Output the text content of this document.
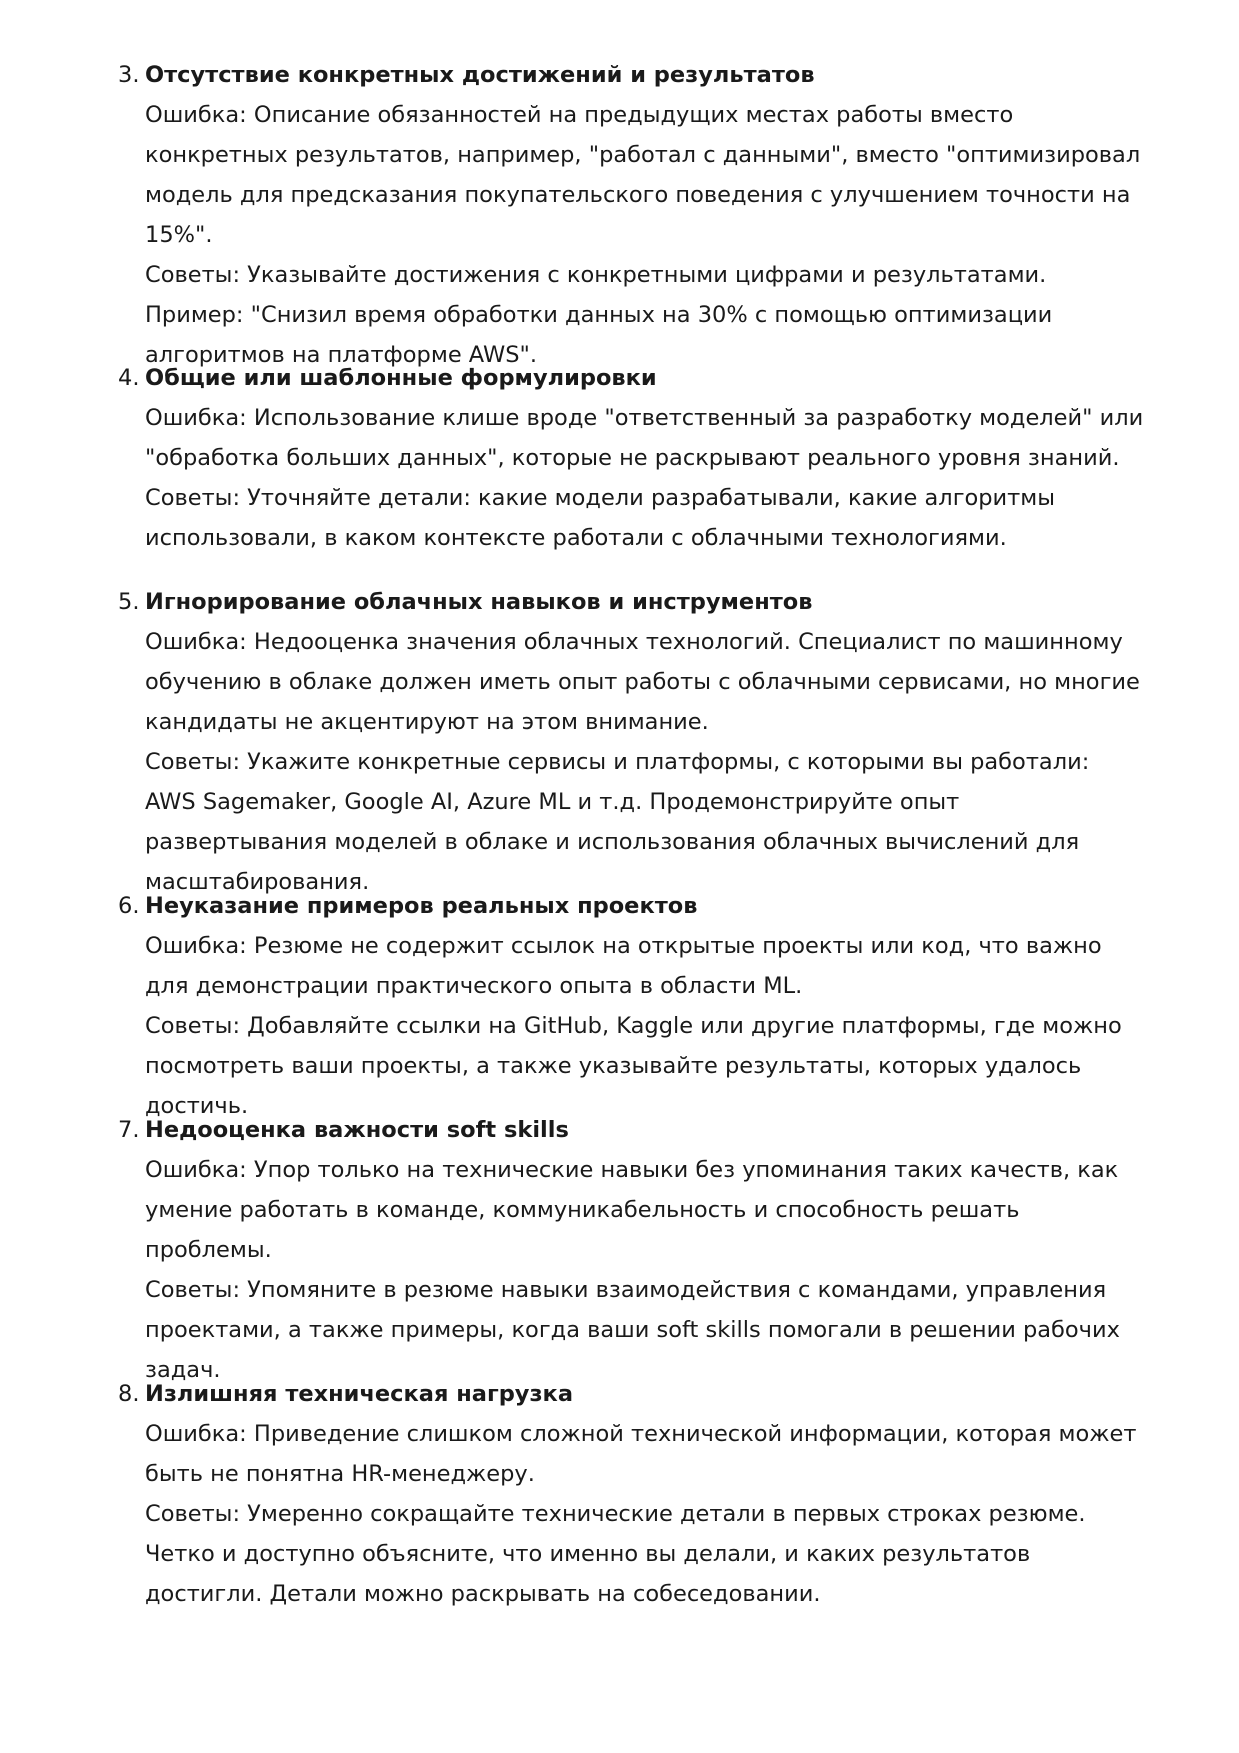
3. Отсутствие конкретных достижений и результатов

Ошибка: Описание обязанностей на предыдущих местах работы вместо конкретных результатов, например, "работал с данными", вместо "оптимизировал модель для предсказания покупательского поведения с улучшением точности на 15%".

Советы: Указывайте достижения с конкретными цифрами и результатами. Пример: "Снизил время обработки данных на 30% с помощью оптимизации алгоритмов на платформе AWS".

4. Общие или шаблонные формулировки

Ошибка: Использование клише вроде "ответственный за разработку моделей" или "обработка больших данных", которые не раскрывают реального уровня знаний.

Советы: Уточняйте детали: какие модели разрабатывали, какие алгоритмы использовали, в каком контексте работали с облачными технологиями.

5. Игнорирование облачных навыков и инструментов

Ошибка: Недооценка значения облачных технологий. Специалист по машинному обучению в облаке должен иметь опыт работы с облачными сервисами, но многие кандидаты не акцентируют на этом внимание.

Советы: Укажите конкретные сервисы и платформы, с которыми вы работали: AWS Sagemaker, Google AI, Azure ML и т.д. Продемонстрируйте опыт развертывания моделей в облаке и использования облачных вычислений для масштабирования.

6. Неуказание примеров реальных проектов

Ошибка: Резюме не содержит ссылок на открытые проекты или код, что важно для демонстрации практического опыта в области ML.

Советы: Добавляйте ссылки на GitHub, Kaggle или другие платформы, где можно посмотреть ваши проекты, а также указывайте результаты, которых удалось достичь.

7. Недооценка важности soft skills

Ошибка: Упор только на технические навыки без упоминания таких качеств, как умение работать в команде, коммуникабельность и способность решать проблемы.

Советы: Упомяните в резюме навыки взаимодействия с командами, управления проектами, а также примеры, когда ваши soft skills помогали в решении рабочих задач.

8. Излишняя техническая нагрузка

Ошибка: Приведение слишком сложной технической информации, которая может быть не понятна HR-менеджеру.

Советы: Умеренно сокращайте технические детали в первых строках резюме. Четко и доступно объясните, что именно вы делали, и каких результатов достигли. Детали можно раскрывать на собеседовании.
